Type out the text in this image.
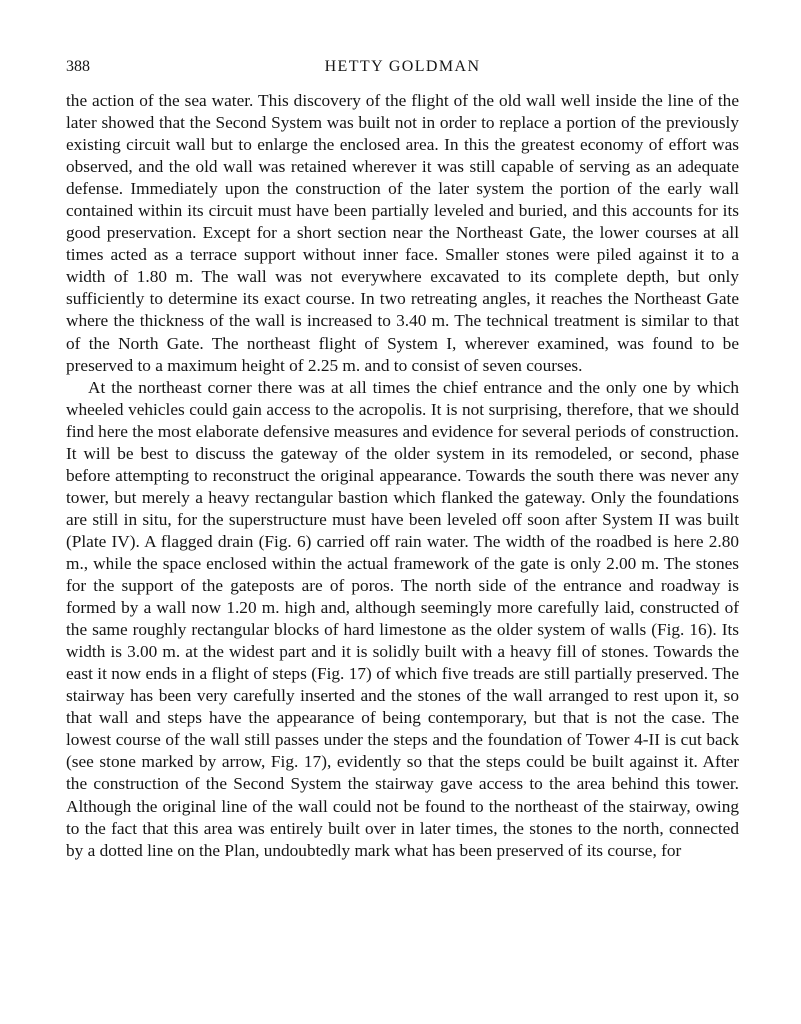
388	HETTY GOLDMAN

the action of the sea water. This discovery of the flight of the old wall well inside the line of the later showed that the Second System was built not in order to replace a portion of the previously existing circuit wall but to enlarge the enclosed area. In this the greatest economy of effort was observed, and the old wall was retained wherever it was still capable of serving as an adequate defense. Immediately upon the construction of the later system the portion of the early wall contained within its circuit must have been partially leveled and buried, and this accounts for its good preservation. Except for a short section near the Northeast Gate, the lower courses at all times acted as a terrace support without inner face. Smaller stones were piled against it to a width of 1.80 m. The wall was not everywhere excavated to its complete depth, but only sufficiently to determine its exact course. In two retreating angles, it reaches the Northeast Gate where the thickness of the wall is increased to 3.40 m. The technical treatment is similar to that of the North Gate. The northeast flight of System I, wherever examined, was found to be preserved to a maximum height of 2.25 m. and to consist of seven courses.

At the northeast corner there was at all times the chief entrance and the only one by which wheeled vehicles could gain access to the acropolis. It is not surprising, therefore, that we should find here the most elaborate defensive measures and evidence for several periods of construction. It will be best to discuss the gateway of the older system in its remodeled, or second, phase before attempting to reconstruct the original appearance. Towards the south there was never any tower, but merely a heavy rectangular bastion which flanked the gateway. Only the foundations are still in situ, for the superstructure must have been leveled off soon after System II was built (Plate IV). A flagged drain (Fig. 6) carried off rain water. The width of the roadbed is here 2.80 m., while the space enclosed within the actual framework of the gate is only 2.00 m. The stones for the support of the gateposts are of poros. The north side of the entrance and roadway is formed by a wall now 1.20 m. high and, although seemingly more carefully laid, constructed of the same roughly rectangular blocks of hard limestone as the older system of walls (Fig. 16). Its width is 3.00 m. at the widest part and it is solidly built with a heavy fill of stones. Towards the east it now ends in a flight of steps (Fig. 17) of which five treads are still partially preserved. The stairway has been very carefully inserted and the stones of the wall arranged to rest upon it, so that wall and steps have the appearance of being contemporary, but that is not the case. The lowest course of the wall still passes under the steps and the foundation of Tower 4-II is cut back (see stone marked by arrow, Fig. 17), evidently so that the steps could be built against it. After the construction of the Second System the stairway gave access to the area behind this tower. Although the original line of the wall could not be found to the northeast of the stairway, owing to the fact that this area was entirely built over in later times, the stones to the north, connected by a dotted line on the Plan, undoubtedly mark what has been preserved of its course, for
